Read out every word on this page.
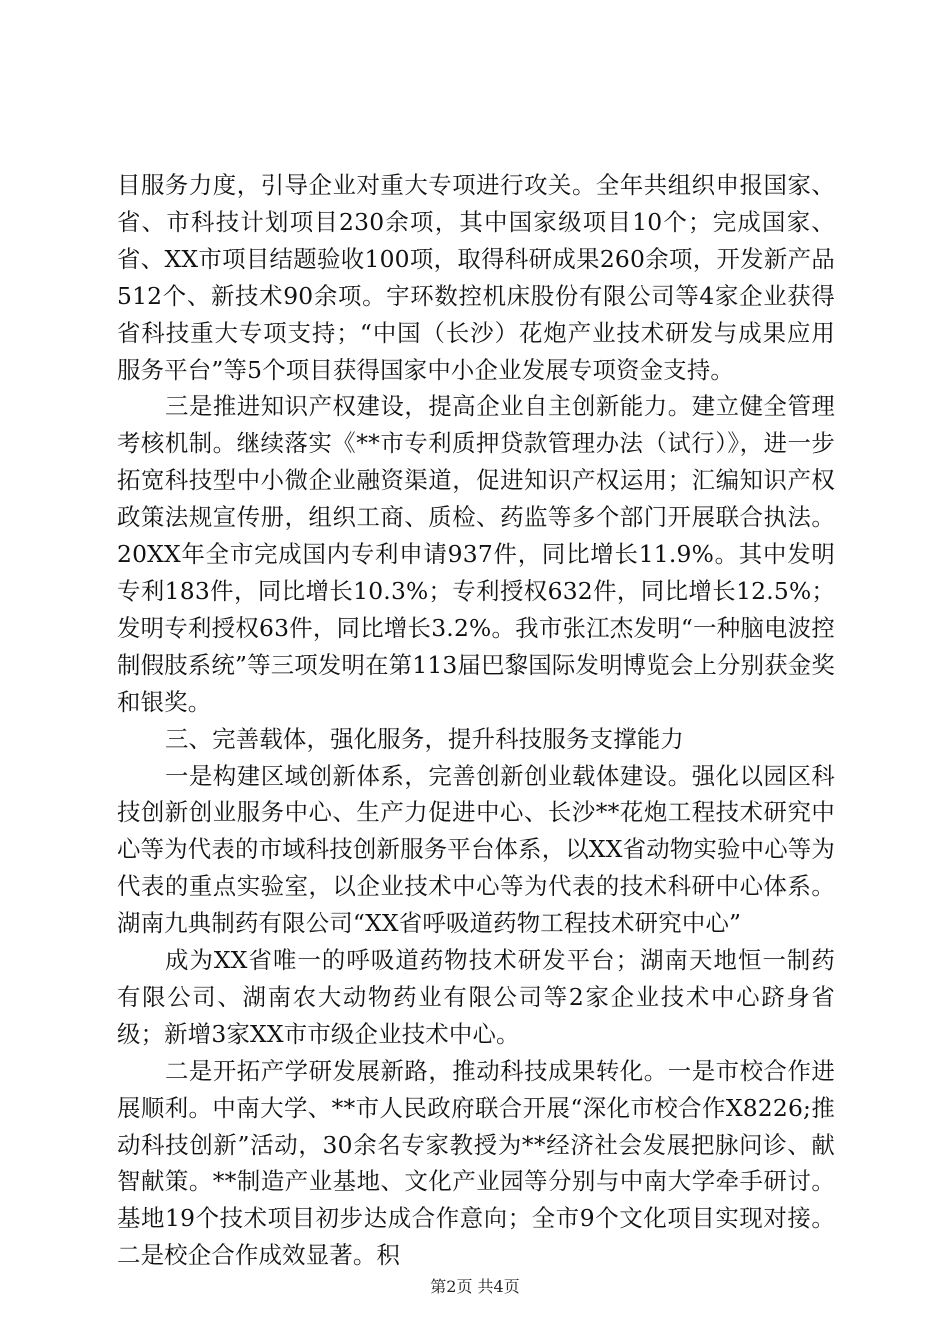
目服务力度，引导企业对重大专项进行攻关。全年共组织申报国家、省、市科技计划项目230余项，其中国家级项目10个；完成国家、省、XX市项目结题验收100项，取得科研成果260余项，开发新产品512个、新技术90余项。宇环数控机床股份有限公司等4家企业获得省科技重大专项支持；“中国（长沙）花炮产业技术研发与成果应用服务平台”等5个项目获得国家中小企业发展专项资金支持。

三是推进知识产权建设，提高企业自主创新能力。建立健全管理考核机制。继续落实《**市专利质押贷款管理办法（试行）》，进一步拓宽科技型中小微企业融资渠道，促进知识产权运用；汇编知识产权政策法规宣传册，组织工商、质检、药监等多个部门开展联合执法。20XX年全市完成国内专利申请937件，同比增长11.9%。其中发明专利183件，同比增长10.3%；专利授权632件，同比增长12.5%；发明专利授权63件，同比增长3.2%。我市张江杰发明“一种脑电波控制假肢系统”等三项发明在第113届巴黎国际发明博览会上分别获金奖和银奖。

三、完善载体，强化服务，提升科技服务支撑能力

一是构建区域创新体系，完善创新创业载体建设。强化以园区科技创新创业服务中心、生产力促进中心、长沙**花炮工程技术研究中心等为代表的市域科技创新服务平台体系，以XX省动物实验中心等为代表的重点实验室，以企业技术中心等为代表的技术科研中心体系。湖南九典制药有限公司“XX省呼吸道药物工程技术研究中心”

成为XX省唯一的呼吸道药物技术研发平台；湖南天地恒一制药有限公司、湖南农大动物药业有限公司等2家企业技术中心跻身省级；新增3家XX市市级企业技术中心。

二是开拓产学研发展新路，推动科技成果转化。一是市校合作进展顺利。中南大学、**市人民政府联合开展“深化市校合作X8226;推动科技创新”活动，30余名专家教授为**经济社会发展把脉问诊、献智献策。**制造产业基地、文化产业园等分别与中南大学牵手研讨。基地19个技术项目初步达成合作意向；全市9个文化项目实现对接。二是校企合作成效显著。积

第2页 共4页
